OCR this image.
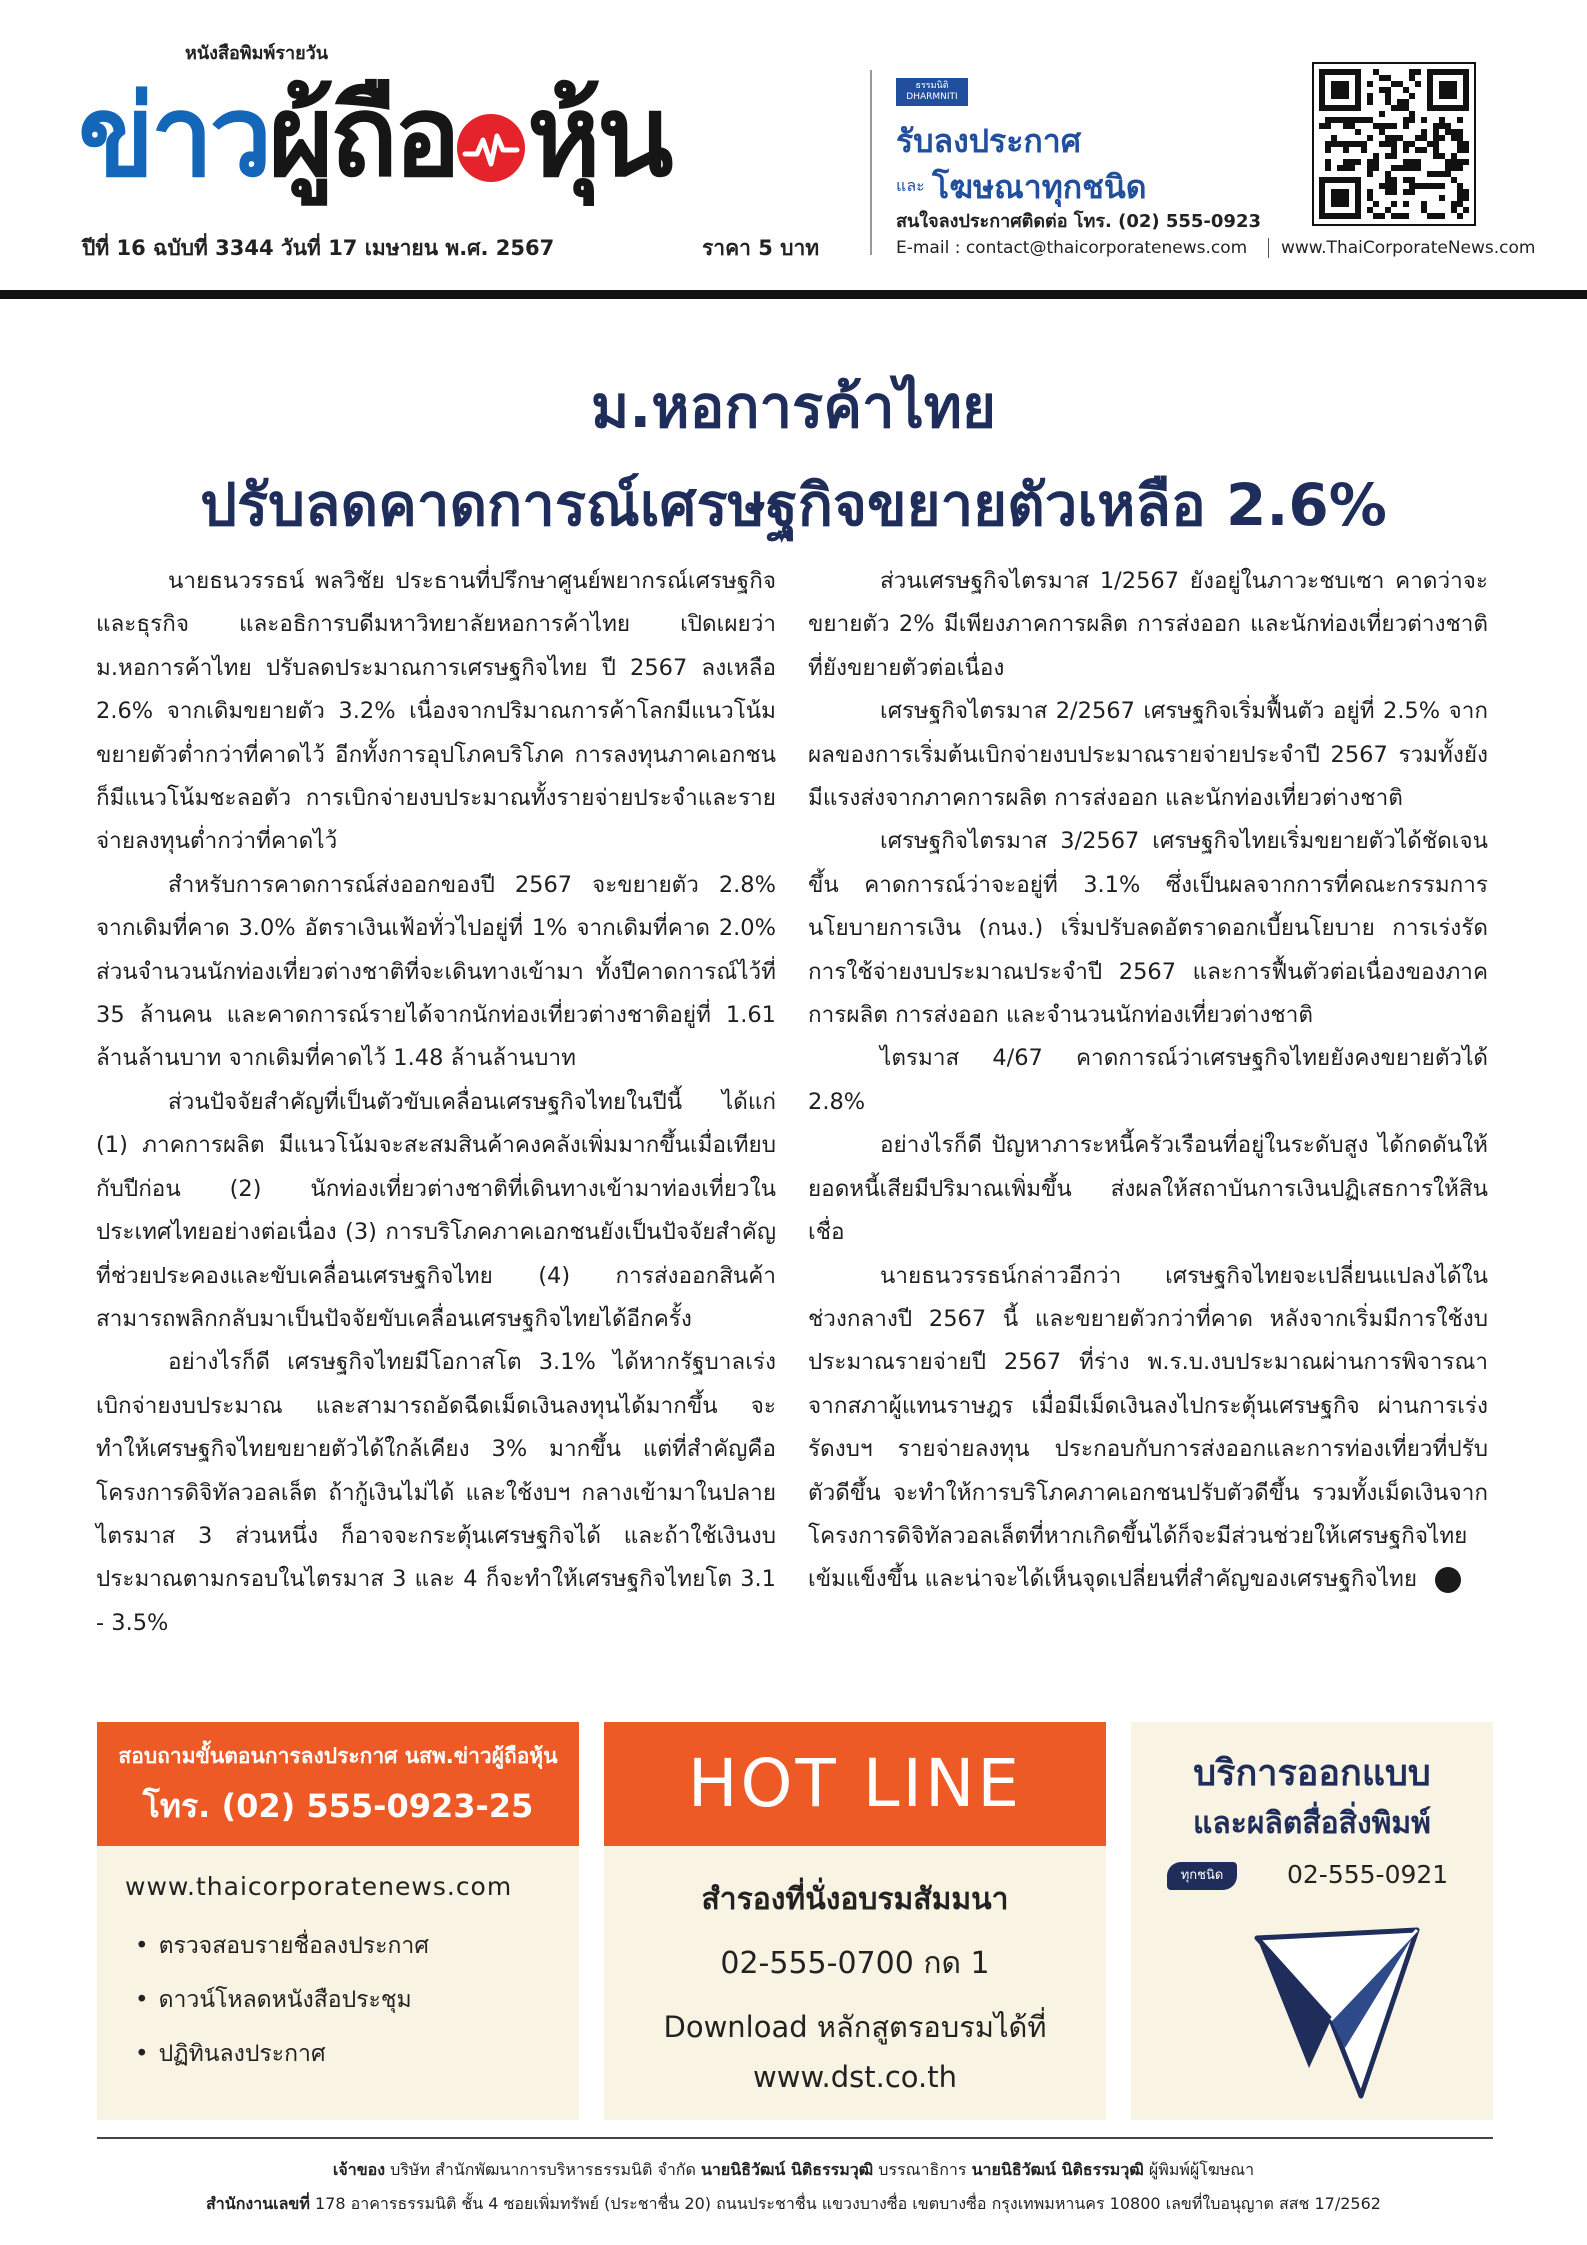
หนังสือพิมพ์รายวัน
ข่าวผู้ถือ หุ้น
ปีที่ 16 ฉบับที่ 3344 วันที่ 17 เมษายน พ.ศ. 2567	ราคา 5 บาท
ธรรมนิติ DHARMNITI
รับลงประกาศ
และ โฆษณาทุกชนิด
สนใจลงประกาศติดต่อ โทร. (02) 555-0923
E-mail : contact@thaicorporatenews.com	www.ThaiCorporateNews.com
ม.หอการค้าไทย
ปรับลดคาดการณ์เศรษฐกิจขยายตัวเหลือ 2.6%

นายธนวรรธน์ พลวิชัย ประธานที่ปรึกษาศูนย์พยากรณ์เศรษฐกิจและธุรกิจ และอธิการบดีมหาวิทยาลัยหอการค้าไทย เปิดเผยว่า ม.หอการค้าไทย ปรับลดประมาณการเศรษฐกิจไทย ปี 2567 ลงเหลือ 2.6% จากเดิมขยายตัว 3.2% เนื่องจากปริมาณการค้าโลกมีแนวโน้มขยายตัวต่ำกว่าที่คาดไว้ อีกทั้งการอุปโภคบริโภค การลงทุนภาคเอกชนก็มีแนวโน้มชะลอตัว การเบิกจ่ายงบประมาณทั้งรายจ่ายประจำและรายจ่ายลงทุนต่ำกว่าที่คาดไว้

สำหรับการคาดการณ์ส่งออกของปี 2567 จะขยายตัว 2.8% จากเดิมที่คาด 3.0% อัตราเงินเฟ้อทั่วไปอยู่ที่ 1% จากเดิมที่คาด 2.0% ส่วนจำนวนนักท่องเที่ยวต่างชาติที่จะเดินทางเข้ามา ทั้งปีคาดการณ์ไว้ที่ 35 ล้านคน และคาดการณ์รายได้จากนักท่องเที่ยวต่างชาติอยู่ที่ 1.61 ล้านล้านบาท จากเดิมที่คาดไว้ 1.48 ล้านล้านบาท

ส่วนปัจจัยสำคัญที่เป็นตัวขับเคลื่อนเศรษฐกิจไทยในปีนี้ ได้แก่ (1) ภาคการผลิต มีแนวโน้มจะสะสมสินค้าคงคลังเพิ่มมากขึ้นเมื่อเทียบกับปีก่อน (2) นักท่องเที่ยวต่างชาติที่เดินทางเข้ามาท่องเที่ยวในประเทศไทยอย่างต่อเนื่อง (3) การบริโภคภาคเอกชนยังเป็นปัจจัยสำคัญที่ช่วยประคองและขับเคลื่อนเศรษฐกิจไทย (4) การส่งออกสินค้า สามารถพลิกกลับมาเป็นปัจจัยขับเคลื่อนเศรษฐกิจไทยได้อีกครั้ง

อย่างไรก็ดี เศรษฐกิจไทยมีโอกาสโต 3.1% ได้หากรัฐบาลเร่งเบิกจ่ายงบประมาณ และสามารถอัดฉีดเม็ดเงินลงทุนได้มากขึ้น จะทำให้เศรษฐกิจไทยขยายตัวได้ใกล้เคียง 3% มากขึ้น แต่ที่สำคัญคือ โครงการดิจิทัลวอลเล็ต ถ้ากู้เงินไม่ได้ และใช้งบฯ กลางเข้ามาในปลายไตรมาส 3 ส่วนหนึ่ง ก็อาจจะกระตุ้นเศรษฐกิจได้ และถ้าใช้เงินงบประมาณตามกรอบในไตรมาส 3 และ 4 ก็จะทำให้เศรษฐกิจไทยโต 3.1 - 3.5%

ส่วนเศรษฐกิจไตรมาส 1/2567 ยังอยู่ในภาวะชบเซา คาดว่าจะขยายตัว 2% มีเพียงภาคการผลิต การส่งออก และนักท่องเที่ยวต่างชาติที่ยังขยายตัวต่อเนื่อง

เศรษฐกิจไตรมาส 2/2567 เศรษฐกิจเริ่มฟื้นตัว อยู่ที่ 2.5% จากผลของการเริ่มต้นเบิกจ่ายงบประมาณรายจ่ายประจำปี 2567 รวมทั้งยังมีแรงส่งจากภาคการผลิต การส่งออก และนักท่องเที่ยวต่างชาติ

เศรษฐกิจไตรมาส 3/2567 เศรษฐกิจไทยเริ่มขยายตัวได้ชัดเจนขึ้น คาดการณ์ว่าจะอยู่ที่ 3.1% ซึ่งเป็นผลจากการที่คณะกรรมการนโยบายการเงิน (กนง.) เริ่มปรับลดอัตราดอกเบี้ยนโยบาย การเร่งรัดการใช้จ่ายงบประมาณประจำปี 2567 และการฟื้นตัวต่อเนื่องของภาคการผลิต การส่งออก และจำนวนนักท่องเที่ยวต่างชาติ

ไตรมาส 4/67 คาดการณ์ว่าเศรษฐกิจไทยยังคงขยายตัวได้ 2.8%

อย่างไรก็ดี ปัญหาภาระหนี้ครัวเรือนที่อยู่ในระดับสูง ได้กดดันให้ยอดหนี้เสียมีปริมาณเพิ่มขึ้น ส่งผลให้สถาบันการเงินปฏิเสธการให้สินเชื่อ

นายธนวรรธน์กล่าวอีกว่า เศรษฐกิจไทยจะเปลี่ยนแปลงได้ในช่วงกลางปี 2567 นี้ และขยายตัวกว่าที่คาด หลังจากเริ่มมีการใช้งบประมาณรายจ่ายปี 2567 ที่ร่าง พ.ร.บ.งบประมาณผ่านการพิจารณาจากสภาผู้แทนราษฎร เมื่อมีเม็ดเงินลงไปกระตุ้นเศรษฐกิจ ผ่านการเร่งรัดงบฯ รายจ่ายลงทุน ประกอบกับการส่งออกและการท่องเที่ยวที่ปรับตัวดีขึ้น จะทำให้การบริโภคภาคเอกชนปรับตัวดีขึ้น รวมทั้งเม็ดเงินจากโครงการดิจิทัลวอลเล็ตที่หากเกิดขึ้นได้ก็จะมีส่วนช่วยให้เศรษฐกิจไทยเข้มแข็งขึ้น และน่าจะได้เห็นจุดเปลี่ยนที่สำคัญของเศรษฐกิจไทย

สอบถามขั้นตอนการลงประกาศ นสพ.ข่าวผู้ถือหุ้น
โทร. (02) 555-0923-25
www.thaicorporatenews.com
• ตรวจสอบรายชื่อลงประกาศ
• ดาวน์โหลดหนังสือประชุม
• ปฏิทินลงประกาศ
HOT LINE
สำรองที่นั่งอบรมสัมมนา
02-555-0700 กด 1
Download หลักสูตรอบรมได้ที่
www.dst.co.th
บริการออกแบบ
และผลิตสื่อสิ่งพิมพ์
ทุกชนิด	02-555-0921
เจ้าของ บริษัท สำนักพัฒนาการบริหารธรรมนิติ จำกัด นายนิธิวัฒน์ นิติธรรมวุฒิ บรรณาธิการ นายนิธิวัฒน์ นิติธรรมวุฒิ ผู้พิมพ์ผู้โฆษณา
สำนักงานเลขที่ 178 อาคารธรรมนิติ ชั้น 4 ซอยเพิ่มทรัพย์ (ประชาชื่น 20) ถนนประชาชื่น แขวงบางซื่อ เขตบางซื่อ กรุงเทพมหานคร 10800 เลขที่ใบอนุญาต สสช 17/2562
